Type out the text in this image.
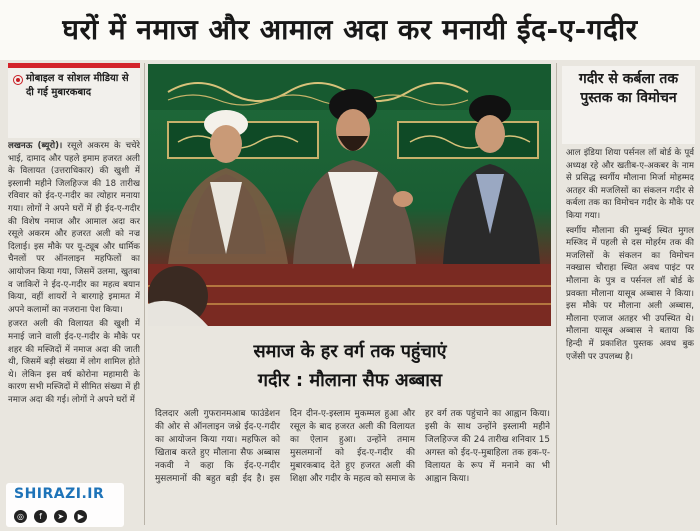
घरों में नमाज और आमाल अदा कर मनायी ईद-ए-गदीर
मोबाइल व सोशल मीडिया से दी गई मुबारकबाद

लखनऊ (ब्यूरो)। रसूले अकरम के चचेरे भाई, दामाद और पहले इमाम हजरत अली के विलायत (उत्तराधिकार) की खुशी में इस्लामी महीने जिलहिज्ज की 18 तारीख रविवार को ईद-ए-गदीर का त्योहार मनाया गया। लोगों ने अपने घरों में ही ईद-ए-गदीर की विशेष नमाज और आमाल अदा कर रसूले अकरम और हजरत अली को नज्र दिलाई। इस मौके पर यू-ट्यूब और धार्मिक चैनलों पर ऑनलाइन महफिलों का आयोजन किया गया, जिसमें उलमा, खुतबा व जाकिरों ने ईद-ए-गदीर का महत्व बयान किया, वहीं शायरों ने बारगाहे इमामत में अपने कलामों का नजराना पेश किया।

हजरत अली की विलायत की खुशी में मनाई जाने वाली ईद-ए-गदीर के मौके पर शहर की मस्जिदों में नमाज अदा की जाती थी, जिसमें बड़ी संख्या में लोग शामिल होते थे। लेकिन इस वर्ष कोरोना महामारी के कारण सभी मस्जिदों में सीमित संख्या में ही नमाज अदा की गई। लोगों ने अपने घरों में

समाज के हर वर्ग तक पहुंचाएं
गदीर : मौलाना सैफ अब्बास

दिलदार अली गुफरानमआब फाउंडेशन की ओर से ऑनलाइन जश्ने ईद-ए-गदीर का आयोजन किया गया। महफिल को खिताब करते हुए मौलाना सैफ अब्बास नकवी ने कहा कि ईद-ए-गदीर मुसलमानों की बहुत बड़ी ईद है। इस दिन दीन-ए-इस्लाम मुकम्मल हुआ और रसूल के बाद हजरत अली की विलायत का ऐलान हुआ। उन्होंने तमाम मुसलमानों को ईद-ए-गदीर की मुबारकबाद देते हुए हजरत अली की शिक्षा और गदीर के महत्व को समाज के हर वर्ग तक पहुंचाने का आह्वान किया। इसी के साथ उन्होंने इस्लामी महीने जिलहिज्ज की 24 तारीख शनिवार 15 अगस्त को ईद-ए-मुबाहिला तक हक-ए-विलायत के रूप में मनाने का भी आह्वान किया।

गदीर से कर्बला तक पुस्तक का विमोचन

आल इंडिया शिया पर्सनल लॉ बोर्ड के पूर्व अध्यक्ष रहे और खतीब-ए-अकबर के नाम से प्रसिद्ध स्वर्गीय मौलाना मिर्जा मोहम्मद अतहर की मजलिसों का संकलन गदीर से कर्बला तक का विमोचन गदीर के मौके पर किया गया।

स्वर्गीय मौलाना की मुम्बई स्थित मुगल मस्जिद में पहली से दस मोहर्रम तक की मजलिसों के संकलन का विमोचन नक्खास चौराहा स्थित अवध पाइंट पर मौलाना के पुत्र व पर्सनल लॉ बोर्ड के प्रवक्ता मौलाना यासूब अब्बास ने किया। इस मौके पर मौलाना अली अब्बास, मौलाना एजाज अतहर भी उपस्थित थे। मौलाना यासूब अब्बास ने बताया कि हिन्दी में प्रकाशित पुस्तक अवध बुक एजेंसी पर उपलब्ध है।

SHIRAZI.IR
◎ f ➤ ▶
